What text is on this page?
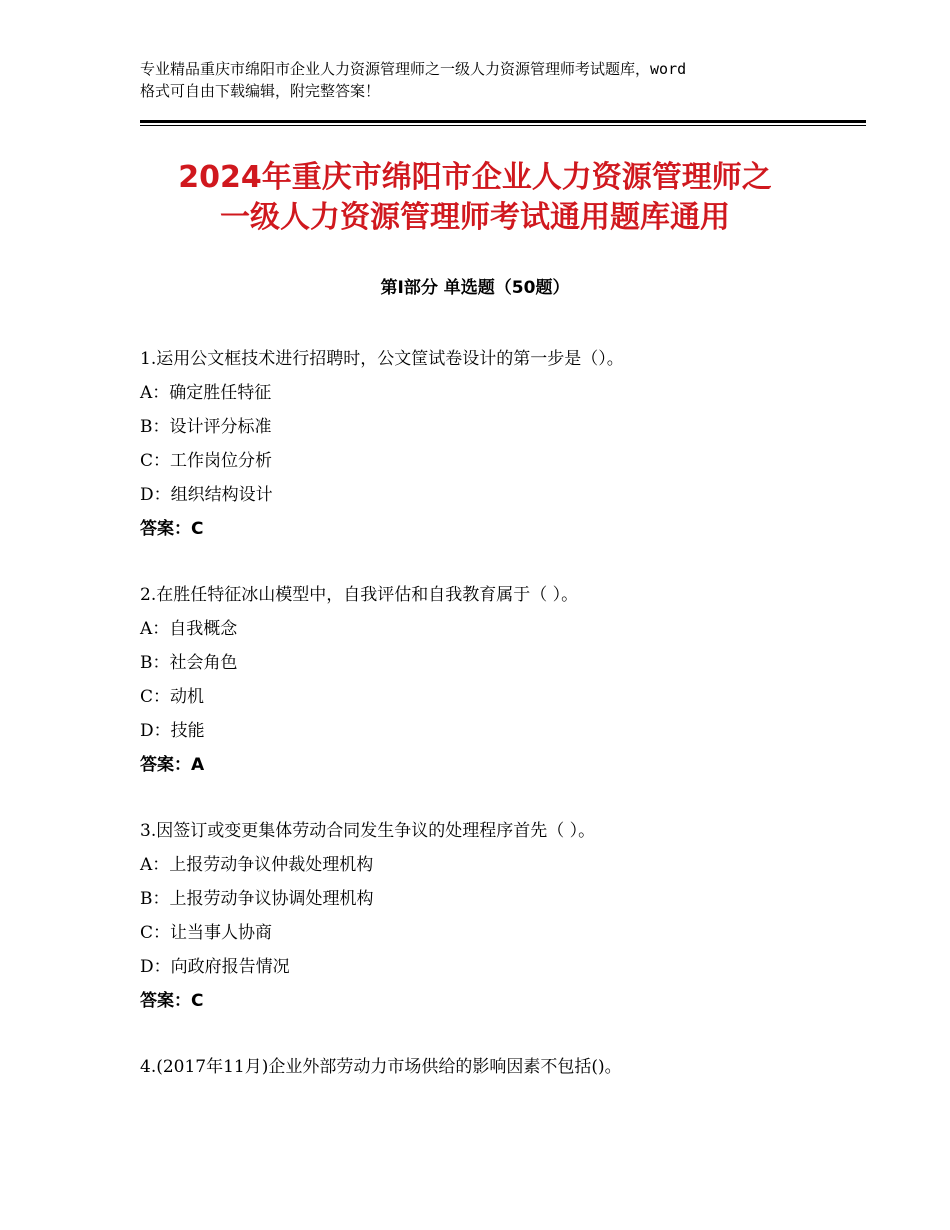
专业精品重庆市绵阳市企业人力资源管理师之一级人力资源管理师考试题库，word
格式可自由下载编辑，附完整答案！
2024年重庆市绵阳市企业人力资源管理师之
一级人力资源管理师考试通用题库通用
第Ⅰ部分 单选题（50题）
1.运用公文框技术进行招聘时，公文筐试卷设计的第一步是（）。
A：确定胜任特征
B：设计评分标准
C：工作岗位分析
D：组织结构设计
答案：C
2.在胜任特征冰山模型中，自我评估和自我教育属于（ ）。
A：自我概念
B：社会角色
C：动机
D：技能
答案：A
3.因签订或变更集体劳动合同发生争议的处理程序首先（ ）。
A：上报劳动争议仲裁处理机构
B：上报劳动争议协调处理机构
C：让当事人协商
D：向政府报告情况
答案：C
4.(2017年11月)企业外部劳动力市场供给的影响因素不包括()。
